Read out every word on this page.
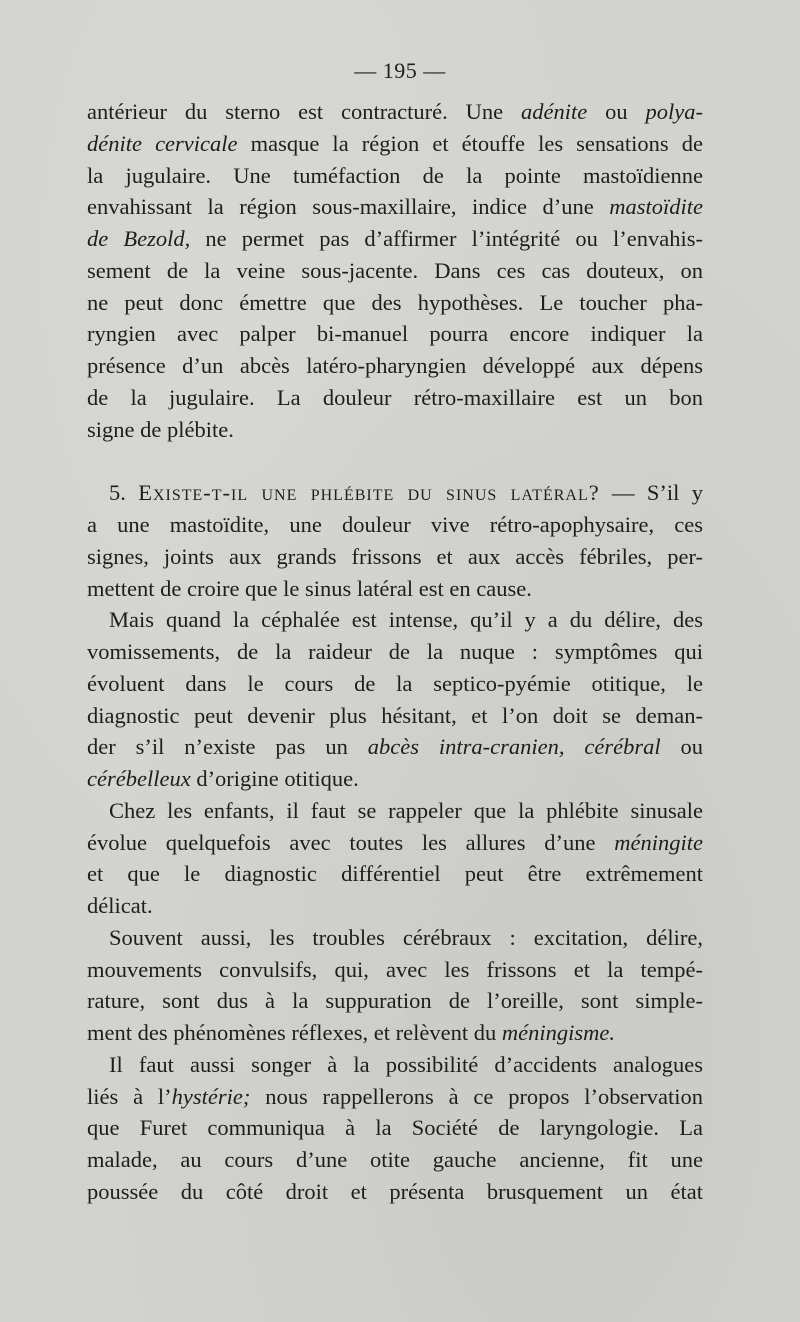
— 195 —
antérieur du sterno est contracturé. Une adénite ou polya-
dénite cervicale masque la région et étouffe les sensations de
la jugulaire. Une tuméfaction de la pointe mastoïdienne
envahissant la région sous-maxillaire, indice d’une mastoïdite
de Bezold, ne permet pas d’affirmer l’intégrité ou l’envahis-
sement de la veine sous-jacente. Dans ces cas douteux, on
ne peut donc émettre que des hypothèses. Le toucher pha-
ryngien avec palper bi-manuel pourra encore indiquer la
présence d’un abcès latéro-pharyngien développé aux dépens
de la jugulaire. La douleur rétro-maxillaire est un bon
signe de plébite.
5. Existe-t-il une phlébite du sinus latéral? — S’il y
a une mastoïdite, une douleur vive rétro-apophysaire, ces
signes, joints aux grands frissons et aux accès fébriles, per-
mettent de croire que le sinus latéral est en cause.
Mais quand la céphalée est intense, qu’il y a du délire, des
vomissements, de la raideur de la nuque : symptômes qui
évoluent dans le cours de la septico-pyémie otitique, le
diagnostic peut devenir plus hésitant, et l’on doit se deman-
der s’il n’existe pas un abcès intra-cranien, cérébral ou
cérébelleux d’origine otitique.
Chez les enfants, il faut se rappeler que la phlébite sinusale
évolue quelquefois avec toutes les allures d’une méningite
et que le diagnostic différentiel peut être extrêmement
délicat.
Souvent aussi, les troubles cérébraux : excitation, délire,
mouvements convulsifs, qui, avec les frissons et la tempé-
rature, sont dus à la suppuration de l’oreille, sont simple-
ment des phénomènes réflexes, et relèvent du méningisme.
Il faut aussi songer à la possibilité d’accidents analogues
liés à l’hystérie; nous rappellerons à ce propos l’observation
que Furet communiqua à la Société de laryngologie. La
malade, au cours d’une otite gauche ancienne, fit une
poussée du côté droit et présenta brusquement un état
